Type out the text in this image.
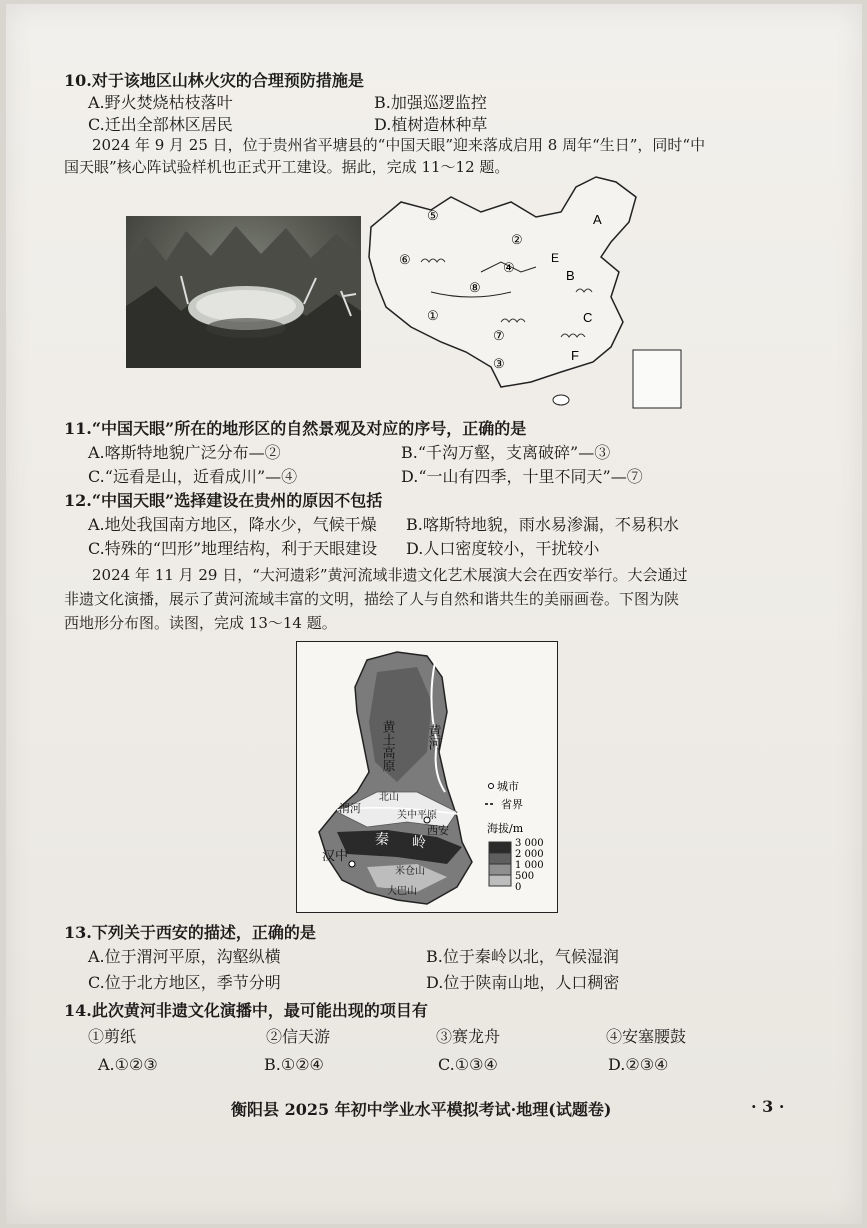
10.对于该地区山林火灾的合理预防措施是
A.野火焚烧枯枝落叶	B.加强巡逻监控
C.迁出全部林区居民	D.植树造林种草
2024 年 9 月 25 日，位于贵州省平塘县的“中国天眼”迎来落成启用 8 周年“生日”，同时“中
国天眼”核心阵试验样机也正式开工建设。据此，完成 11～12 题。
A
B
C
E
F
⑤
⑥
①
②
④
⑦
⑧
③
11.“中国天眼”所在的地形区的自然景观及对应的序号，正确的是
A.喀斯特地貌广泛分布—②	B.“千沟万壑，支离破碎”—③
C.“远看是山，近看成川”—④	D.“一山有四季，十里不同天”—⑦
12.“中国天眼”选择建设在贵州的原因不包括
A.地处我国南方地区，降水少，气候干燥 B.喀斯特地貌，雨水易渗漏，不易积水
C.特殊的“凹形”地理结构，利于天眼建设 D.人口密度较小，干扰较小
2024 年 11 月 29 日，“大河遗彩”黄河流域非遗文化艺术展演大会在西安举行。大会通过
非遗文化演播，展示了黄河流域丰富的文明，描绘了人与自然和谐共生的美丽画卷。下图为陕
西地形分布图。读图，完成 13～14 题。
黄土高原 黄河
渭河
关中平原
北山
秦 岭
西安
汉中
米仓山
大巴山
城市
省界
海拔/m
3 000
2 000
1 000
500
0
13.下列关于西安的描述，正确的是
A.位于渭河平原，沟壑纵横	B.位于秦岭以北，气候湿润
C.位于北方地区，季节分明	D.位于陕南山地，人口稠密
14.此次黄河非遗文化演播中，最可能出现的项目有
①剪纸	②信天游	③赛龙舟	④安塞腰鼓
A.①②③	B.①②④	C.①③④	D.②③④
衡阳县 2025 年初中学业水平模拟考试·地理(试题卷)	· 3 ·
